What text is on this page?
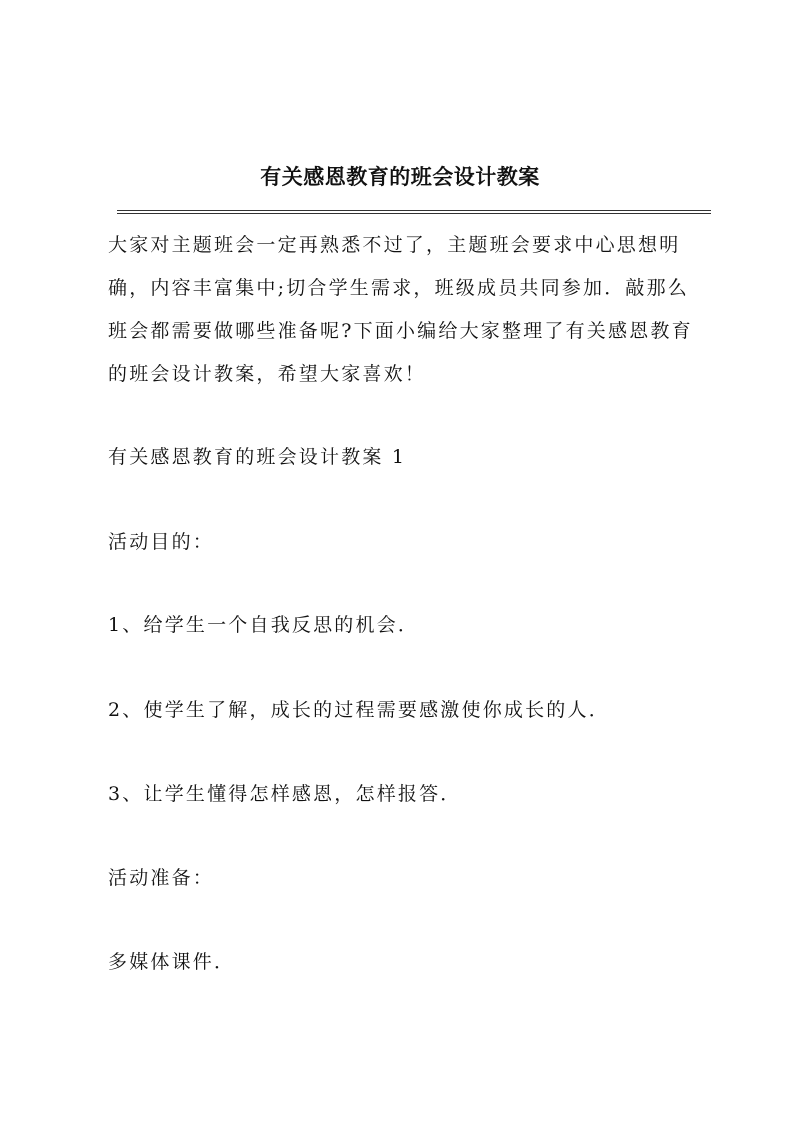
有关感恩教育的班会设计教案

大家对主题班会一定再熟悉不过了，主题班会要求中心思想明确，内容丰富集中;切合学生需求，班级成员共同参加．敲那么班会都需要做哪些准备呢?下面小编给大家整理了有关感恩教育的班会设计教案，希望大家喜欢！

有关感恩教育的班会设计教案 1

活动目的：

1、给学生一个自我反思的机会．

2、使学生了解，成长的过程需要感激使你成长的人．

3、让学生懂得怎样感恩，怎样报答．

活动准备：

多媒体课件．
